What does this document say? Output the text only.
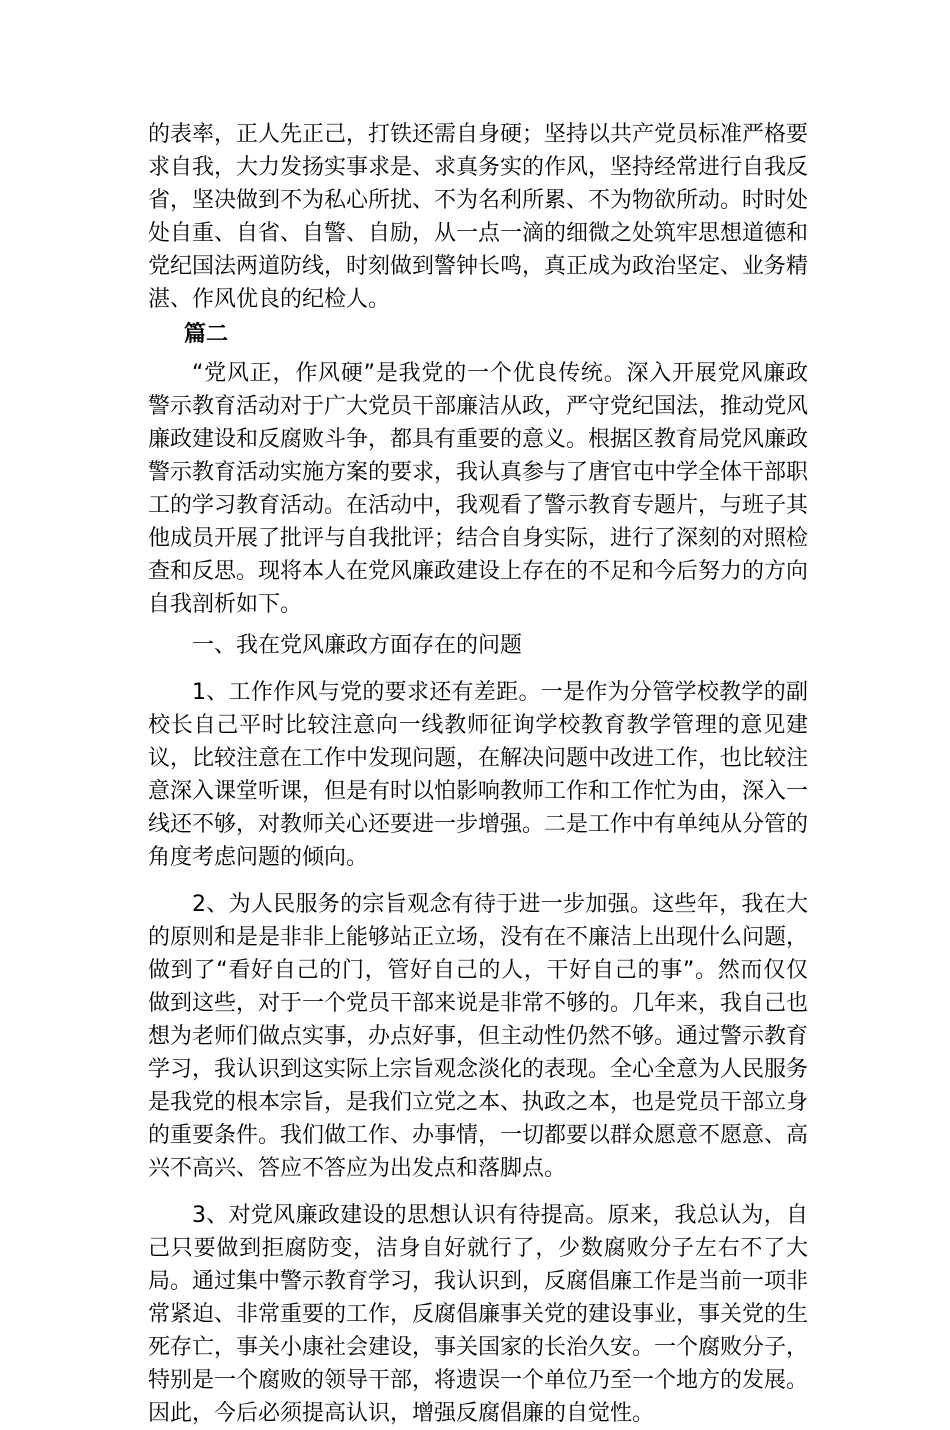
的表率，正人先正己，打铁还需自身硬；坚持以共产党员标准严格要求自我，大力发扬实事求是、求真务实的作风，坚持经常进行自我反省，坚决做到不为私心所扰、不为名利所累、不为物欲所动。时时处处自重、自省、自警、自励，从一点一滴的细微之处筑牢思想道德和党纪国法两道防线，时刻做到警钟长鸣，真正成为政治坚定、业务精湛、作风优良的纪检人。

篇二

“党风正，作风硬”是我党的一个优良传统。深入开展党风廉政警示教育活动对于广大党员干部廉洁从政，严守党纪国法，推动党风廉政建设和反腐败斗争，都具有重要的意义。根据区教育局党风廉政警示教育活动实施方案的要求，我认真参与了唐官屯中学全体干部职工的学习教育活动。在活动中，我观看了警示教育专题片，与班子其他成员开展了批评与自我批评；结合自身实际，进行了深刻的对照检查和反思。现将本人在党风廉政建设上存在的不足和今后努力的方向自我剖析如下。

一、我在党风廉政方面存在的问题

1、工作作风与党的要求还有差距。一是作为分管学校教学的副校长自己平时比较注意向一线教师征询学校教育教学管理的意见建议，比较注意在工作中发现问题，在解决问题中改进工作，也比较注意深入课堂听课，但是有时以怕影响教师工作和工作忙为由，深入一线还不够，对教师关心还要进一步增强。二是工作中有单纯从分管的角度考虑问题的倾向。

2、为人民服务的宗旨观念有待于进一步加强。这些年，我在大的原则和是是非非上能够站正立场，没有在不廉洁上出现什么问题，做到了“看好自己的门，管好自己的人，干好自己的事”。然而仅仅做到这些，对于一个党员干部来说是非常不够的。几年来，我自己也想为老师们做点实事，办点好事，但主动性仍然不够。通过警示教育学习，我认识到这实际上宗旨观念淡化的表现。全心全意为人民服务是我党的根本宗旨，是我们立党之本、执政之本，也是党员干部立身的重要条件。我们做工作、办事情，一切都要以群众愿意不愿意、高兴不高兴、答应不答应为出发点和落脚点。

3、对党风廉政建设的思想认识有待提高。原来，我总认为，自己只要做到拒腐防变，洁身自好就行了，少数腐败分子左右不了大局。通过集中警示教育学习，我认识到，反腐倡廉工作是当前一项非常紧迫、非常重要的工作，反腐倡廉事关党的建设事业，事关党的生死存亡，事关小康社会建设，事关国家的长治久安。一个腐败分子，特别是一个腐败的领导干部，将遗误一个单位乃至一个地方的发展。因此，今后必须提高认识，增强反腐倡廉的自觉性。
